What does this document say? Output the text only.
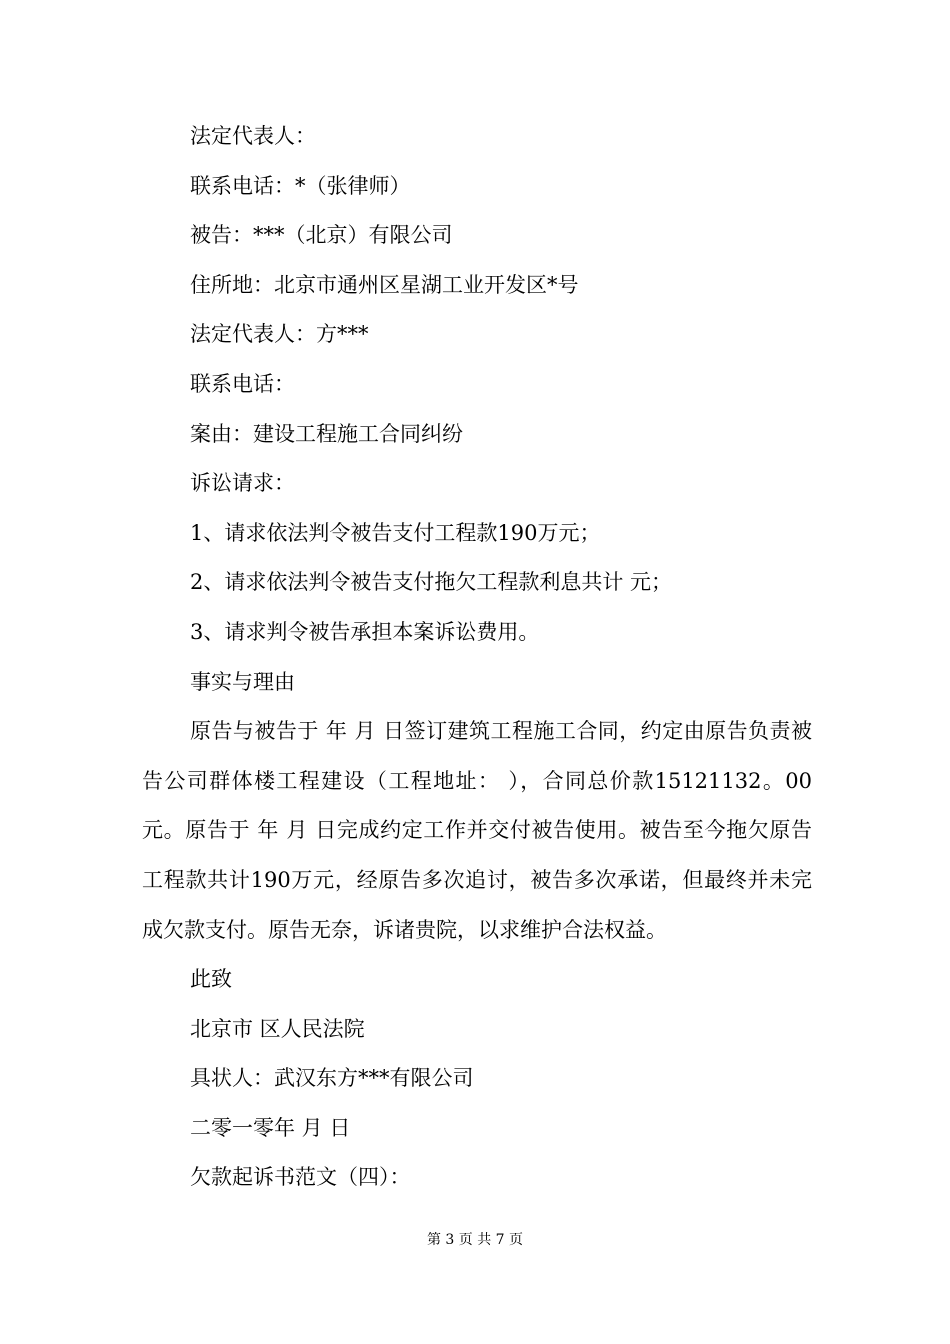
法定代表人：

联系电话：*（张律师）

被告：***（北京）有限公司

住所地：北京市通州区星湖工业开发区*号

法定代表人：方***

联系电话：

案由：建设工程施工合同纠纷

诉讼请求：

1、请求依法判令被告支付工程款190万元；

2、请求依法判令被告支付拖欠工程款利息共计 元；

3、请求判令被告承担本案诉讼费用。

事实与理由

原告与被告于 年 月 日签订建筑工程施工合同，约定由原告负责被告公司群体楼工程建设（工程地址： ），合同总价款15121132。00元。原告于 年 月 日完成约定工作并交付被告使用。被告至今拖欠原告工程款共计190万元，经原告多次追讨，被告多次承诺，但最终并未完成欠款支付。原告无奈，诉诸贵院，以求维护合法权益。

此致

北京市 区人民法院

具状人：武汉东方***有限公司

二零一零年 月 日

欠款起诉书范文（四）：

第 3 页 共 7 页
